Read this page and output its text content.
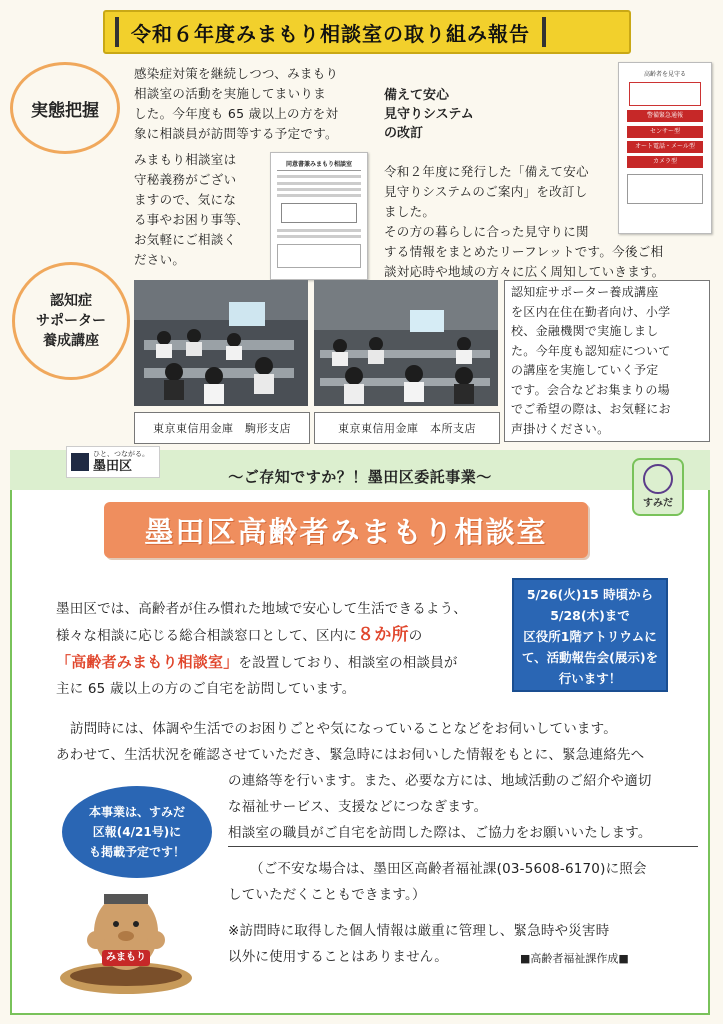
令和６年度みまもり相談室の取り組み報告
実態把握
感染症対策を継続しつつ、みまもり
相談室の活動を実施してまいりま
した。今年度も 65 歳以上の方を対
象に相談員が訪問等する予定です。
みまもり相談室は
守秘義務がござい
ますので、気にな
る事やお困り事等、
お気軽にご相談く
ださい。
同意書兼みまもり相談室
備えて安心
見守りシステム
の改訂
令和２年度に発行した「備えて安心
見守りシステムのご案内」を改訂し
ました。
その方の暮らしに合った見守りに関
する情報をまとめたリーフレットです。今後ご相
談対応時や地域の方々に広く周知していきます。
高齢者を見守る
警備緊急通報
センサー型
オート電話・メール型
カメラ型
認知症
サポーター
養成講座
東京東信用金庫　駒形支店	東京東信用金庫　本所支店
認知症サポーター養成講座
を区内在住在勤者向け、小学
校、金融機関で実施しまし
た。今年度も認知症について
の講座を実施していく予定
です。会合などお集まりの場
でご希望の際は、お気軽にお
声掛けください。
ひと、つながる。
墨田区
～ご存知ですか？！墨田区委託事業～
墨田区高齢者みまもり相談室
すみだ
墨田区では、高齢者が住み慣れた地域で安心して生活できるよう、
様々な相談に応じる総合相談窓口として、区内に８か所の
「高齢者みまもり相談室」を設置しており、相談室の相談員が
主に 65 歳以上の方のご自宅を訪問しています。
5/26(火)15 時頃から
5/28(木)まで
区役所1階アトリウムに
て、活動報告会(展示)を
行います！
訪問時には、体調や生活でのお困りごとや気になっていることなどをお伺いしています。
あわせて、生活状況を確認させていただき、緊急時にはお伺いした情報をもとに、緊急連絡先へ
の連絡等を行います。また、必要な方には、地域活動のご紹介や適切
な福祉サービス、支援などにつなぎます。
相談室の職員がご自宅を訪問した際は、ご協力をお願いいたします。
本事業は、すみだ
区報(4/21号)に
も掲載予定です！
みまもり
（ご不安な場合は、墨田区高齢者福祉課(03-5608-6170)に照会
していただくこともできます。）
※訪問時に取得した個人情報は厳重に管理し、緊急時や災害時
以外に使用することはありません。	■高齢者福祉課作成■
